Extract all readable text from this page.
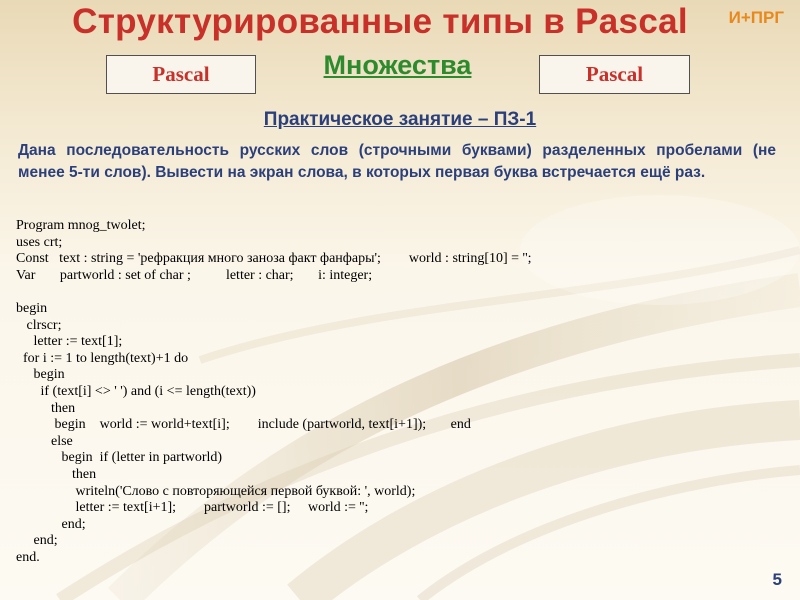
Структурированные типы в Pascal	И+ПРГ
Pascal	Множества	Pascal
Практическое занятие – ПЗ-1
Дана последовательность русских слов (строчными буквами) разделенных пробелами (не менее 5-ти слов). Вывести на экран слова, в которых первая буква встречается ещё раз.
Program mnog_twolet;
uses crt;
Const   text : string = 'рефракция много заноза факт фанфары';        world : string[10] = '';
Var       partworld : set of char ;          letter : char;       i: integer;
begin
clrscr;
letter := text[1];
for i := 1 to length(text)+1 do
begin
if (text[i] <> ' ') and (i <= length(text))
then
begin    world := world+text[i];        include (partworld, text[i+1]);       end
else
begin  if (letter in partworld)
then
writeln('Слово с повторяющейся первой буквой: ', world);
letter := text[i+1];        partworld := [];     world := '';
end;
end;
end.
5
